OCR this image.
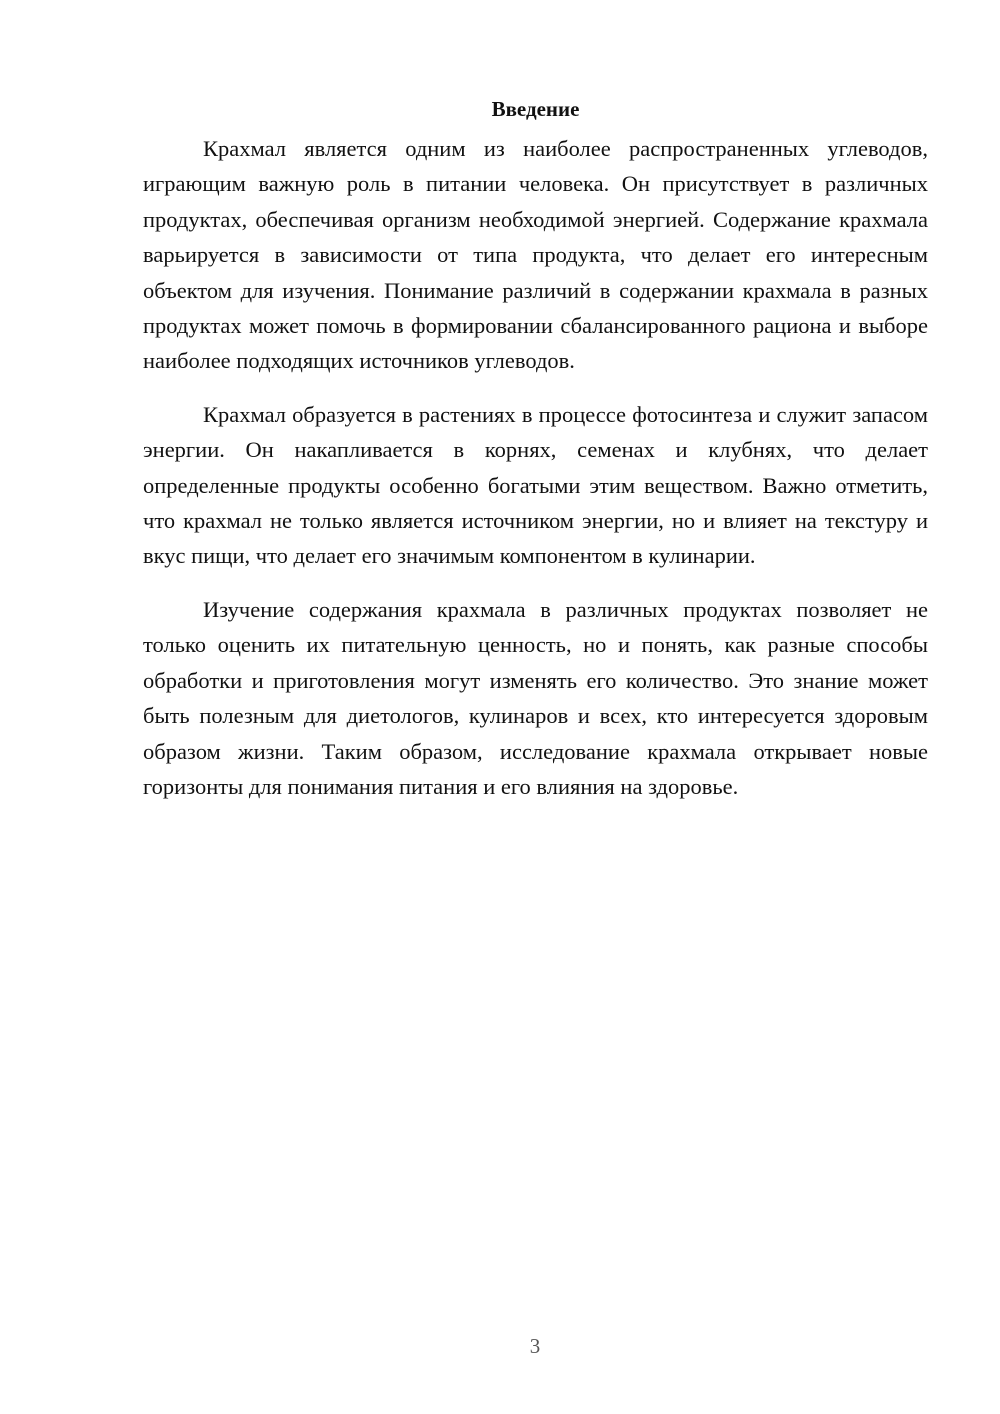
Введение

Крахмал является одним из наиболее распространенных углеводов, играющим важную роль в питании человека. Он присутствует в различных продуктах, обеспечивая организм необходимой энергией. Содержание крахмала варьируется в зависимости от типа продукта, что делает его интересным объектом для изучения. Понимание различий в содержании крахмала в разных продуктах может помочь в формировании сбалансированного рациона и выборе наиболее подходящих источников углеводов.

Крахмал образуется в растениях в процессе фотосинтеза и служит запасом энергии. Он накапливается в корнях, семенах и клубнях, что делает определенные продукты особенно богатыми этим веществом. Важно отметить, что крахмал не только является источником энергии, но и влияет на текстуру и вкус пищи, что делает его значимым компонентом в кулинарии.

Изучение содержания крахмала в различных продуктах позволяет не только оценить их питательную ценность, но и понять, как разные способы обработки и приготовления могут изменять его количество. Это знание может быть полезным для диетологов, кулинаров и всех, кто интересуется здоровым образом жизни. Таким образом, исследование крахмала открывает новые горизонты для понимания питания и его влияния на здоровье.

3
